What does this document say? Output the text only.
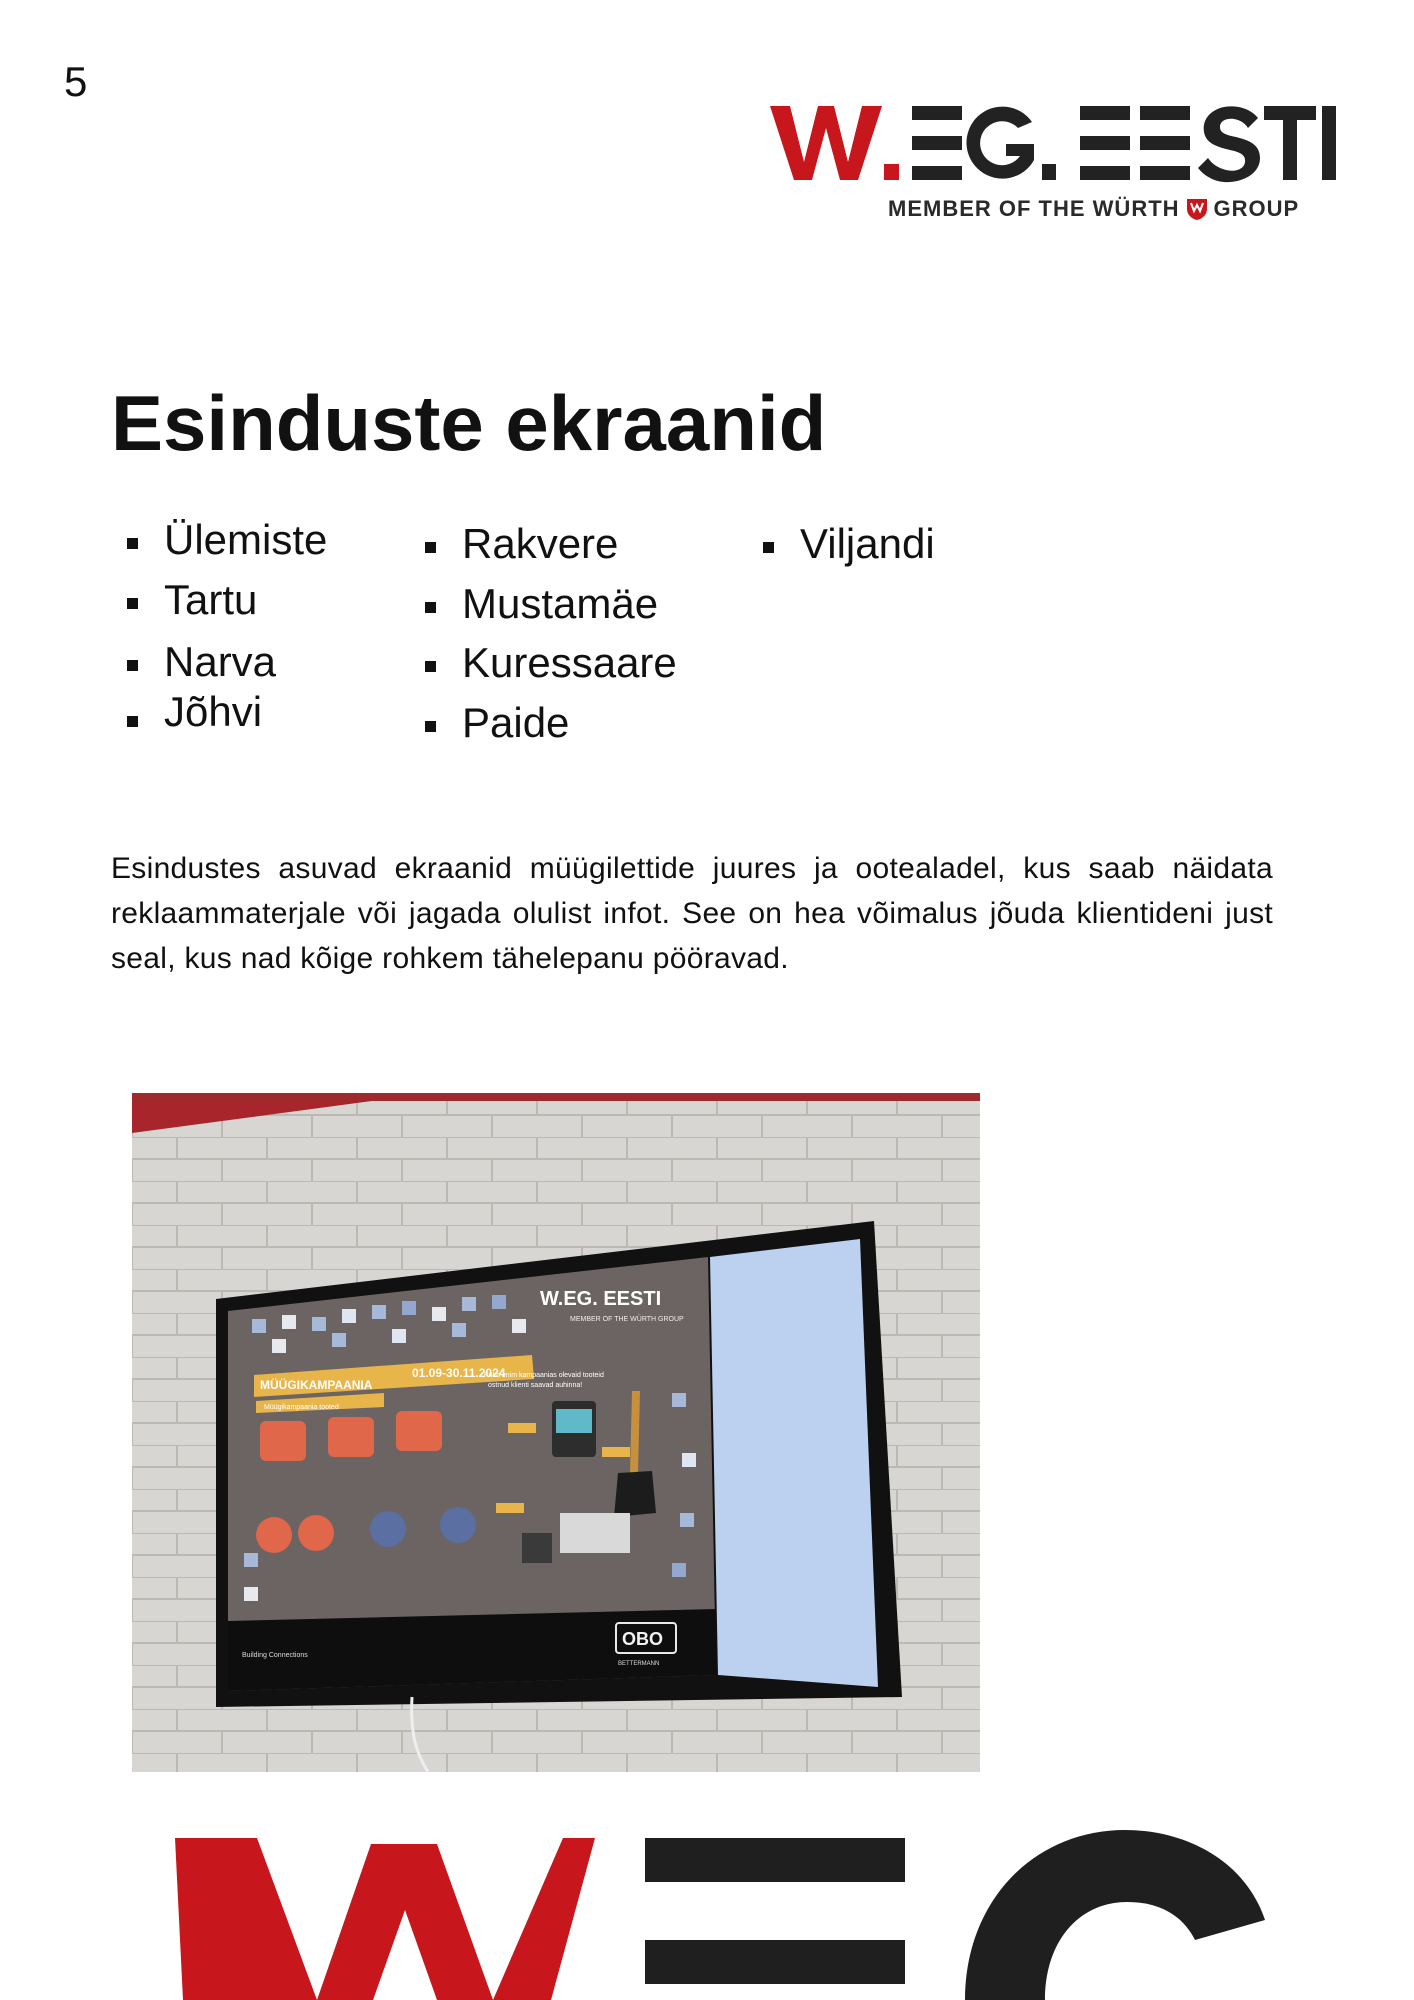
5
MEMBER OF THE WÜRTH GROUP
Esinduste ekraanid
Ülemiste
Tartu
Narva
Jõhvi
Rakvere
Mustamäe
Kuressaare
Paide
Viljandi

Esindustes asuvad ekraanid müügilettide juures ja ootealadel, kus saab näidata reklaammaterjale või jagada olulist infot. See on hea võimalus jõuda klientideni just seal, kus nad kõige rohkem tähelepanu pööravad.

W.EG. EESTI
MEMBER OF THE WÜRTH GROUP
MÜÜGIKAMPAANIA
01.09-30.11.2024
Müügikampaania tooted
Kolm enim kampaanias olevaid tooteid
ostnud klienti saavad auhinna!
Building Connections
OBO
BETTERMANN
